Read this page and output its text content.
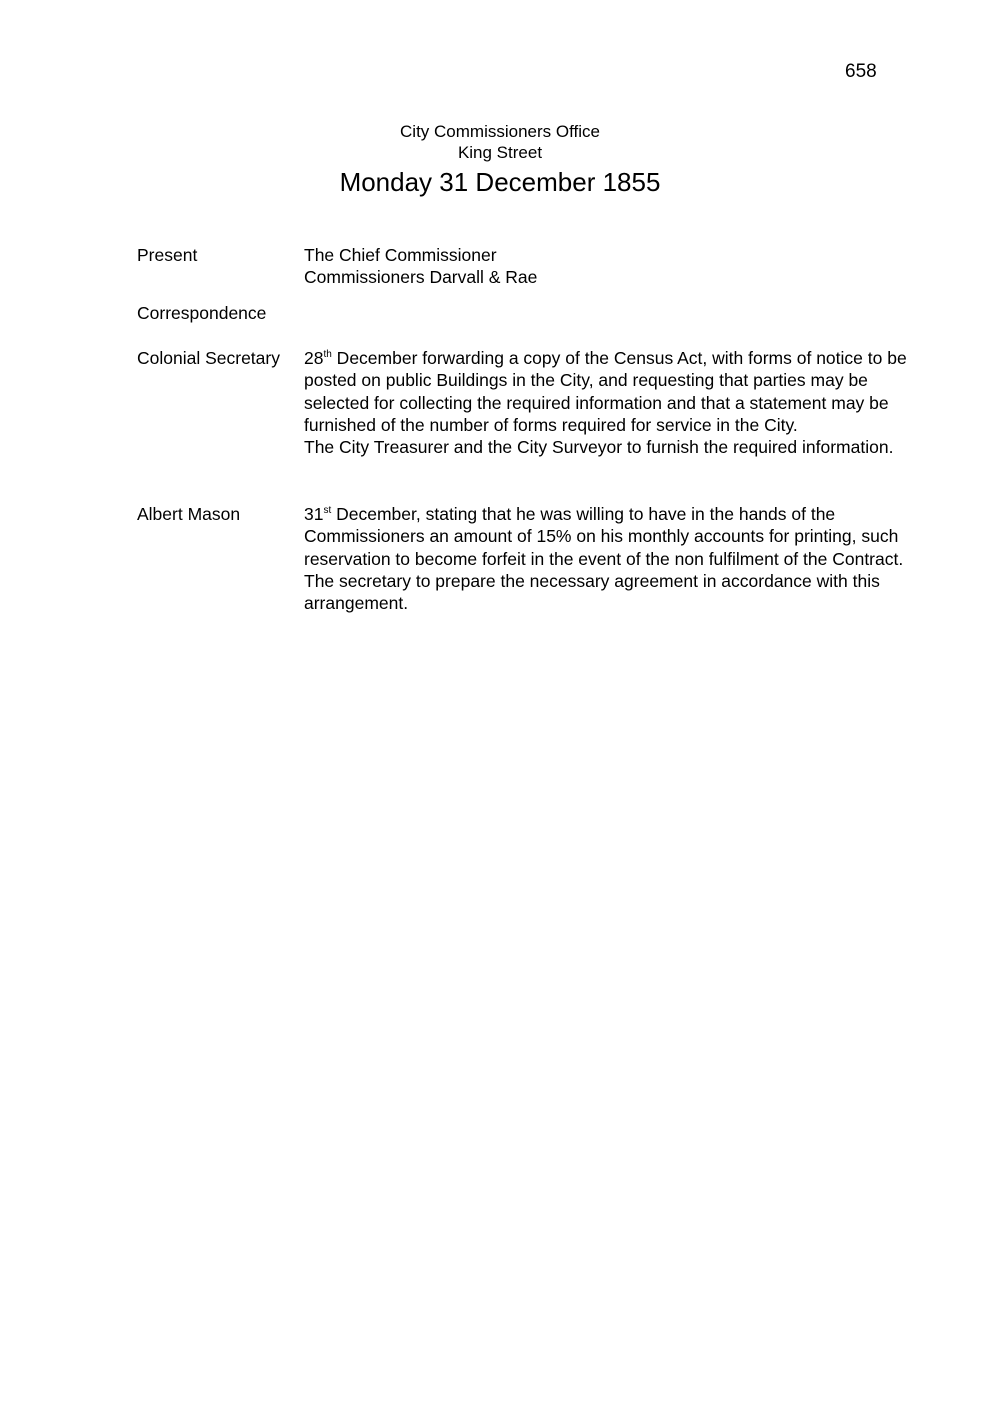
658
City Commissioners Office
King Street
Monday 31 December 1855
Present	The Chief Commissioner

Commissioners Darvall & Rae

Correspondence
Colonial Secretary 28th December forwarding a copy of the Census Act, with forms of notice to be posted on public Buildings in the City, and requesting that parties may be selected for collecting the required information and that a statement may be furnished of the number of forms required for service in the City.

The City Treasurer and the City Surveyor to furnish the required information.

Albert Mason	31st December, stating that he was willing to have in the hands of the Commissioners an amount of 15% on his monthly accounts for printing, such reservation to become forfeit in the event of the non fulfilment of the Contract.

The secretary to prepare the necessary agreement in accordance with this arrangement.
